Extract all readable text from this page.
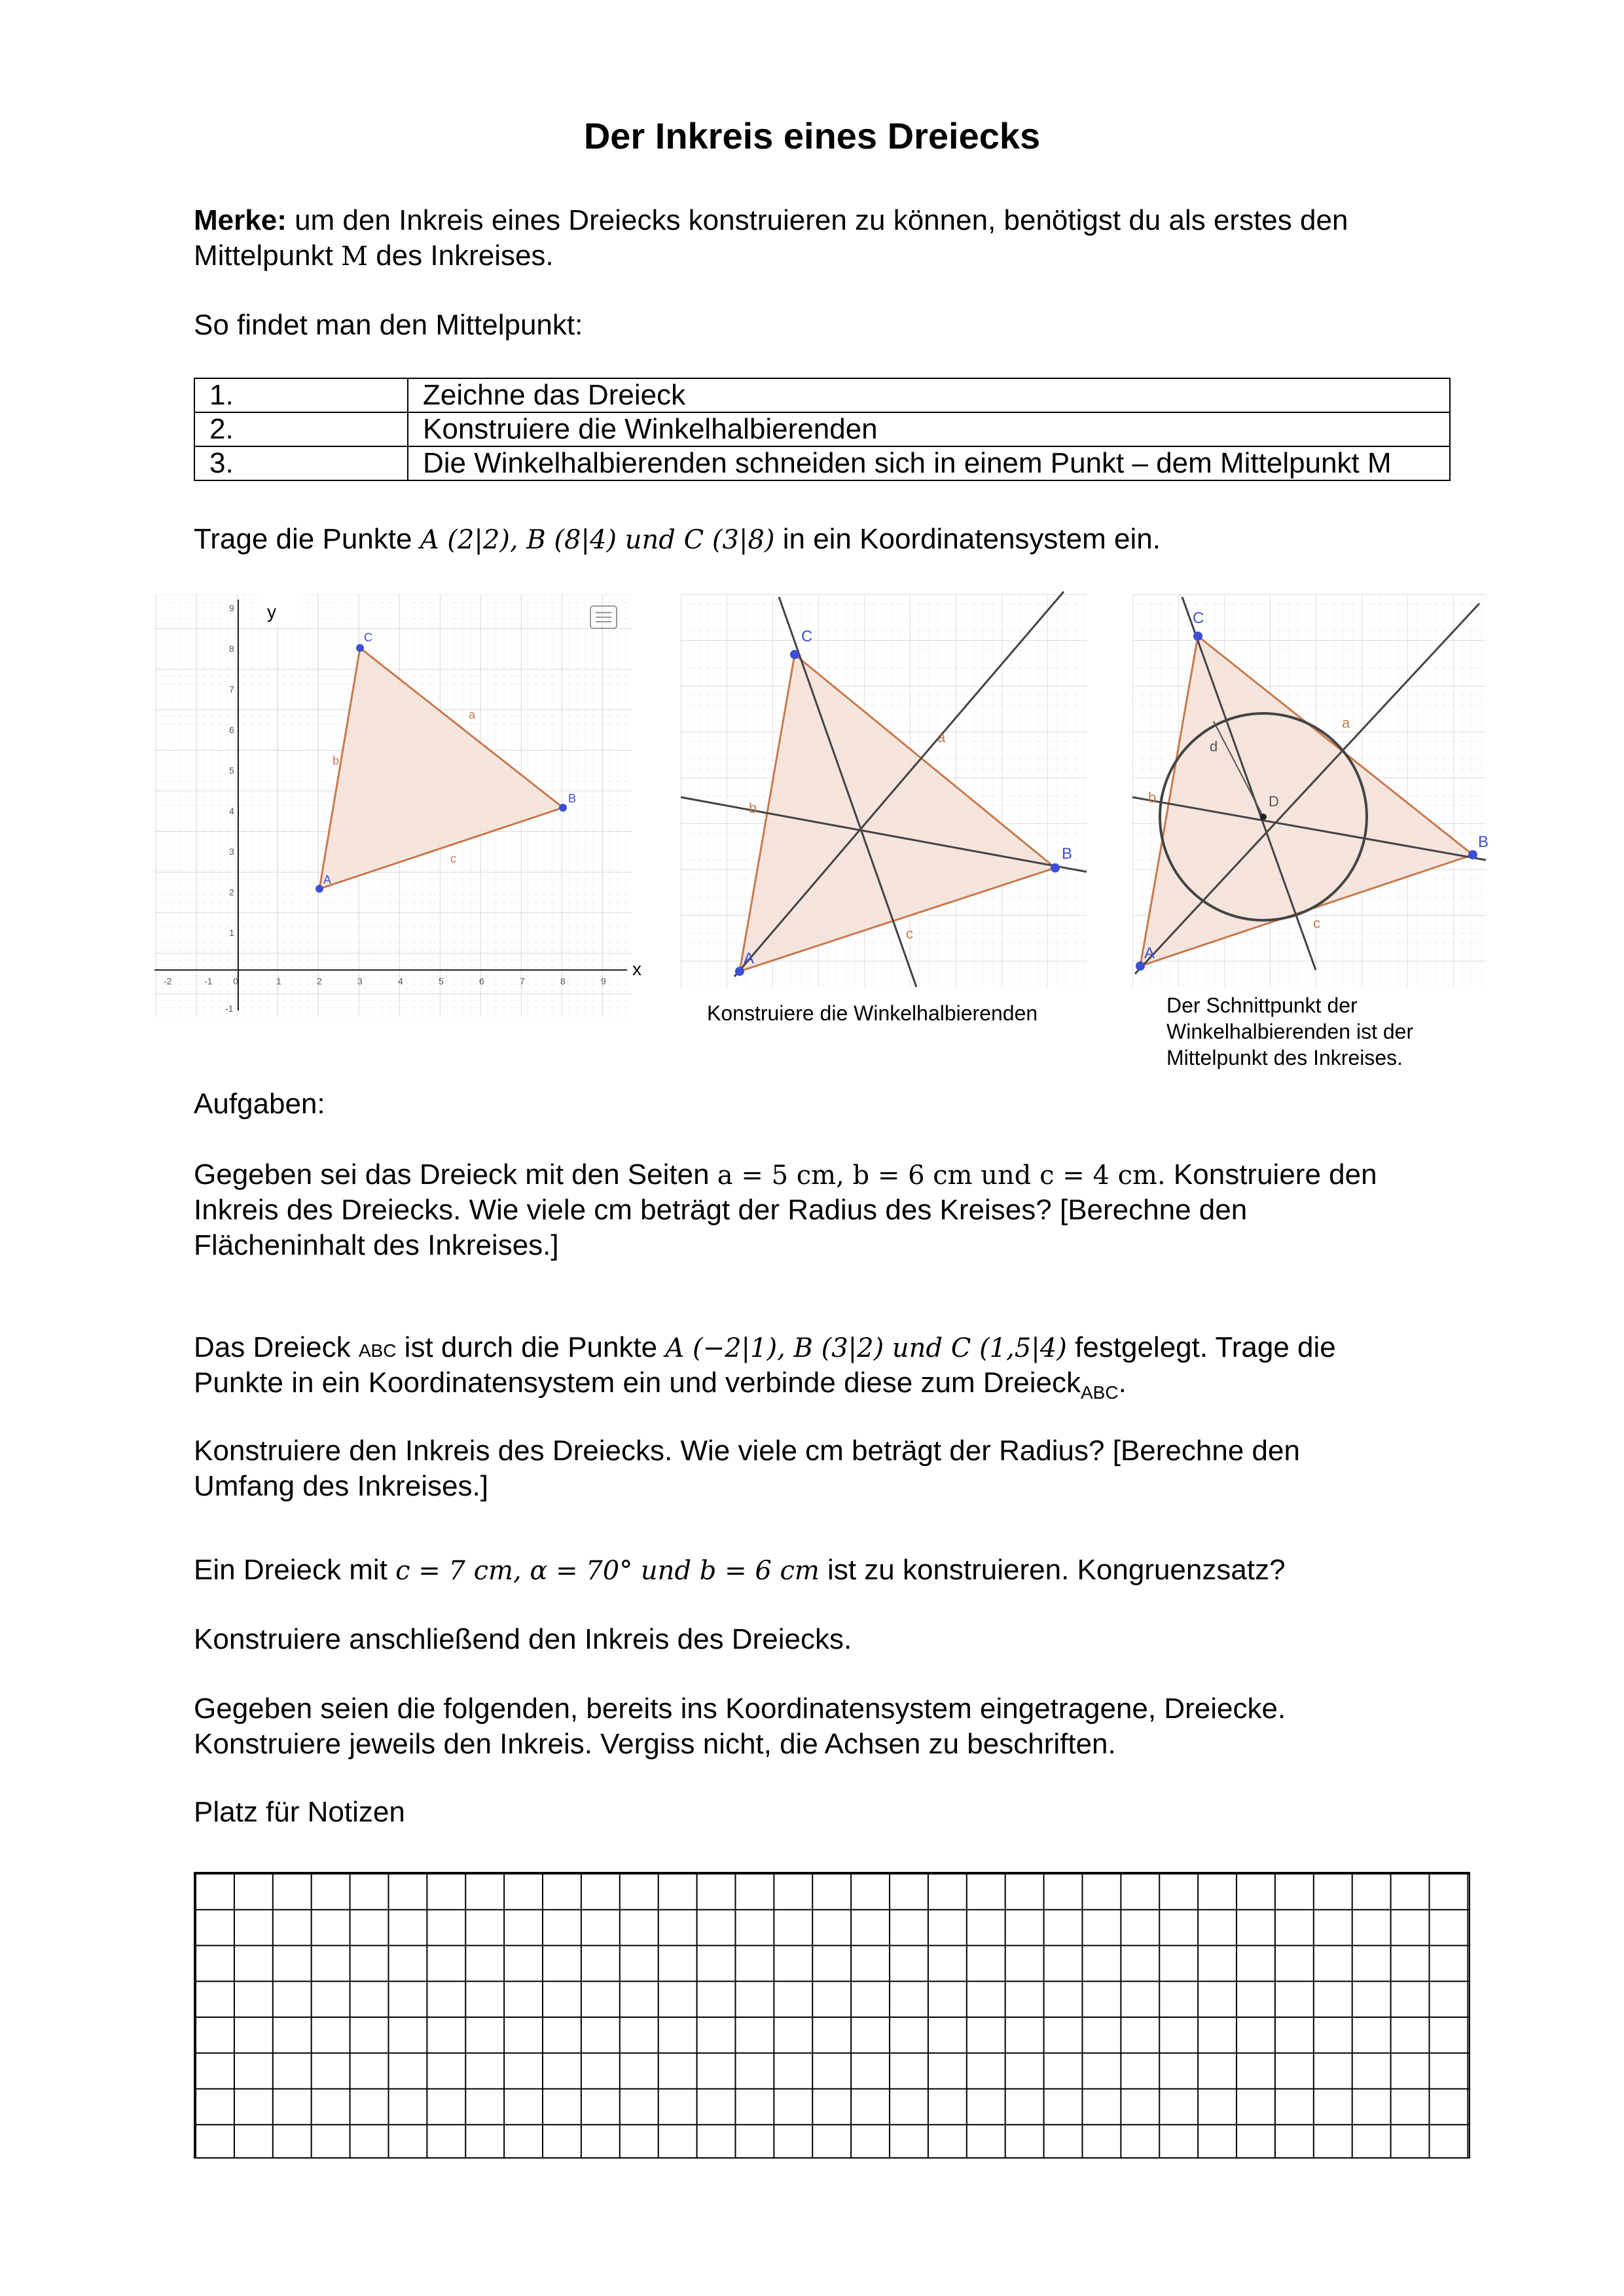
Der Inkreis eines Dreiecks
Merke: um den Inkreis eines Dreiecks konstruieren zu können, benötigst du als erstes den
Mittelpunkt M des Inkreises.
So findet man den Mittelpunkt:
1.	Zeichne das Dreieck
2.	Konstruiere die Winkelhalbierenden
3.	Die Winkelhalbierenden schneiden sich in einem Punkt – dem Mittelpunkt M
Trage die Punkte A (2|2), B (8|4) und C (3|8) in ein Koordinatensystem ein.
y
x
-2	-1 0	1	2	3	4	5	6	7	8	9
9
8
7
6
5
4
3
2
1
-1
A
B
C
a
b
c
A
B
C
a
b
c
Konstruiere die Winkelhalbierenden
D
d
A
B
C
a
b
c
Der Schnittpunkt der
Winkelhalbierenden ist der
Mittelpunkt des Inkreises.
Aufgaben:
Gegeben sei das Dreieck mit den Seiten a = 5 cm, b = 6 cm und c = 4 cm. Konstruiere den
Inkreis des Dreiecks. Wie viele cm beträgt der Radius des Kreises? [Berechne den
Flächeninhalt des Inkreises.]
Das Dreieck ABC ist durch die Punkte A (−2|1), B (3|2) und C (1,5|4) festgelegt. Trage die
Punkte in ein Koordinatensystem ein und verbinde diese zum Dreieck$_{ABC}$.
Konstruiere den Inkreis des Dreiecks. Wie viele cm beträgt der Radius? [Berechne den
Umfang des Inkreises.]
Ein Dreieck mit c = 7 cm, α = 70° und b = 6 cm ist zu konstruieren. Kongruenzsatz?
Konstruiere anschließend den Inkreis des Dreiecks.
Gegeben seien die folgenden, bereits ins Koordinatensystem eingetragene, Dreiecke.
Konstruiere jeweils den Inkreis. Vergiss nicht, die Achsen zu beschriften.
Platz für Notizen
